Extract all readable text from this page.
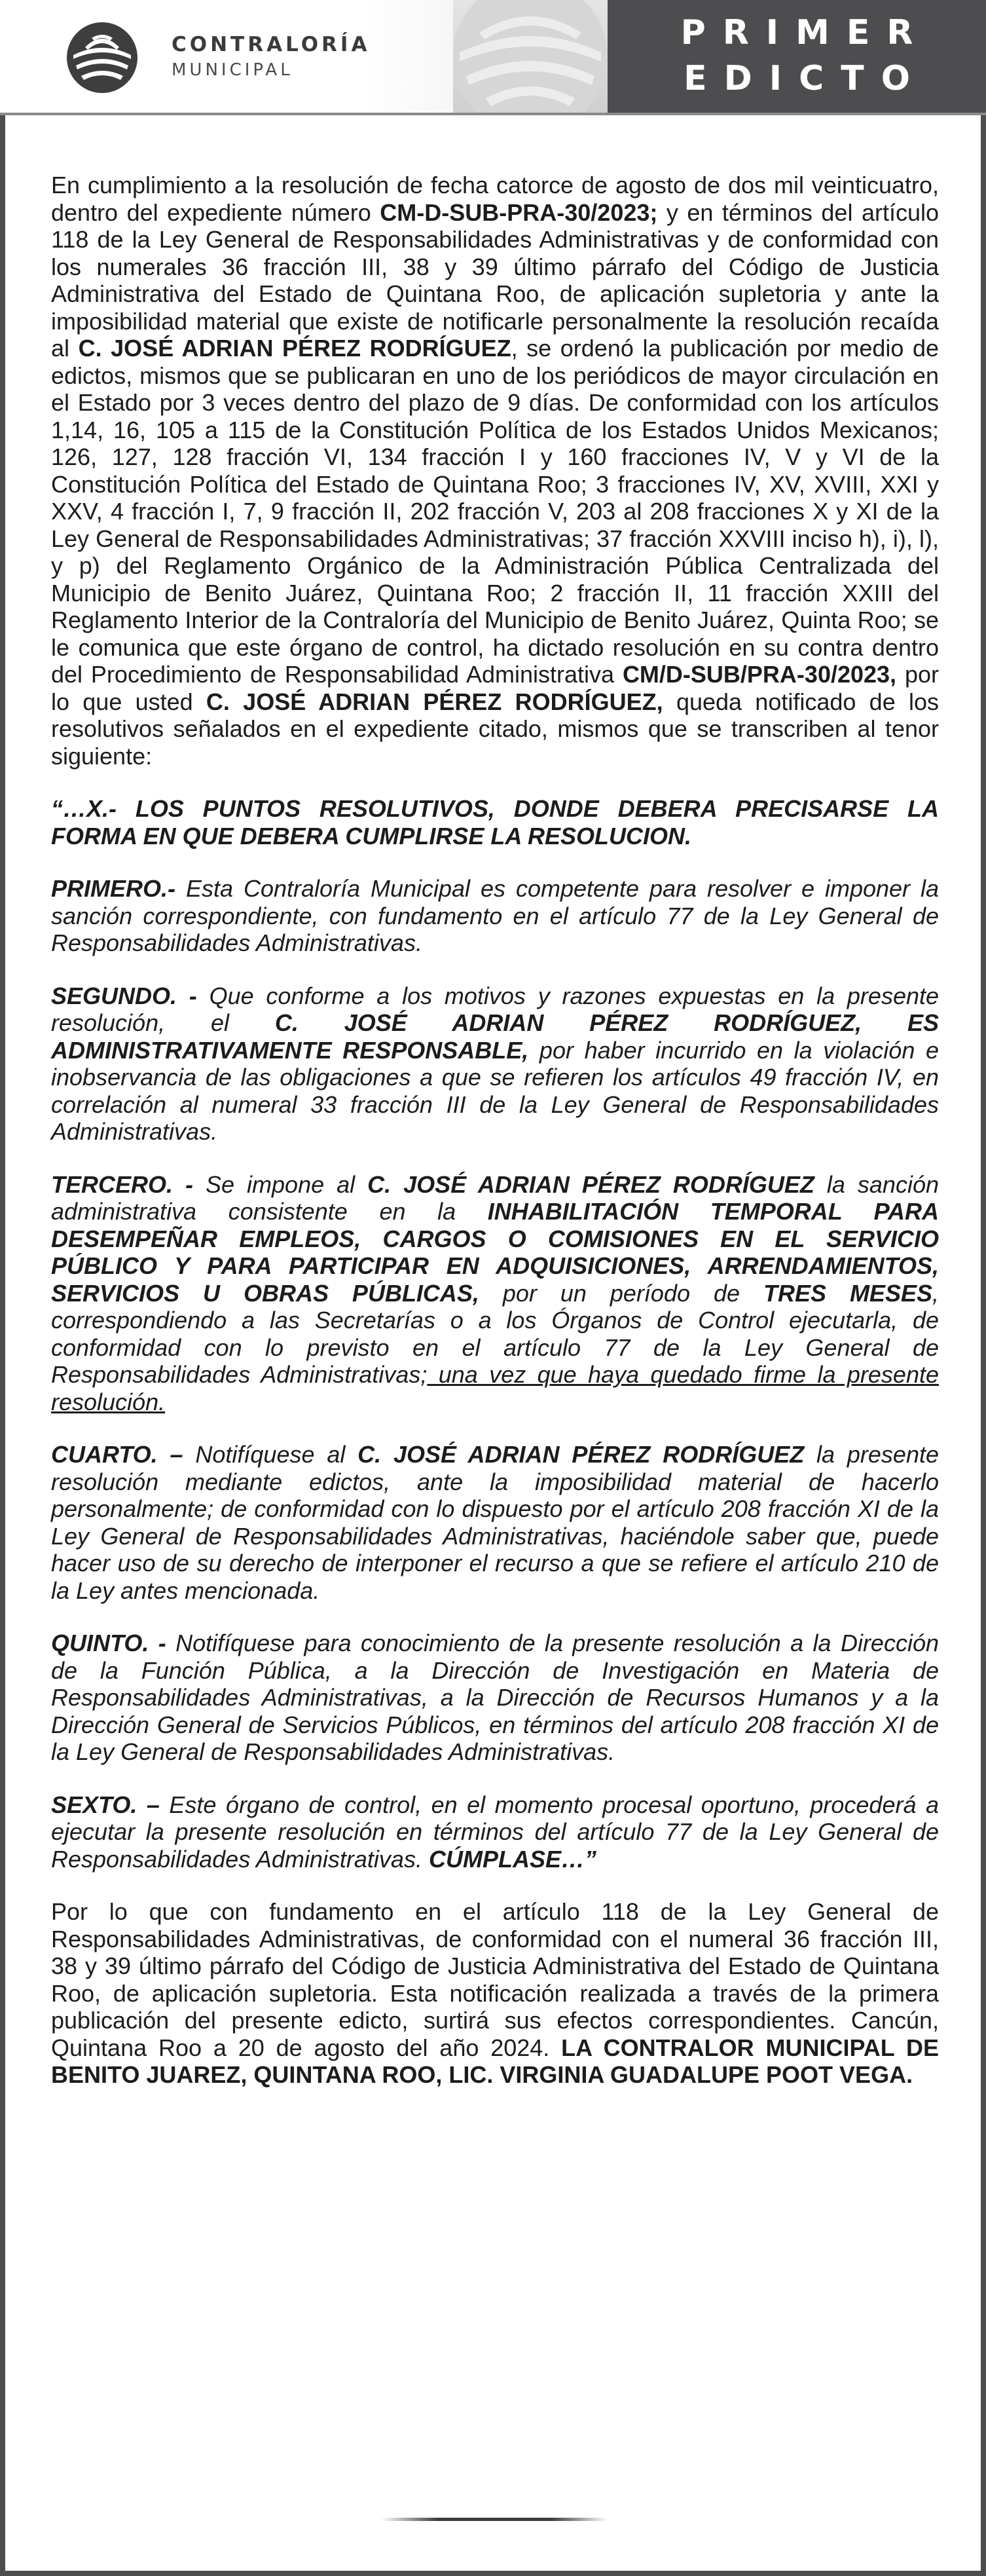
CONTRALORÍA
MUNICIPAL
PRIMER
EDICTO

En cumplimiento a la resolución de fecha catorce de agosto de dos mil veinticuatro, dentro del expediente número CM-D-SUB-PRA-30/2023; y en términos del artículo 118 de la Ley General de Responsabilidades Administrativas y de conformidad con los numerales 36 fracción III, 38 y 39 último párrafo del Código de Justicia Administrativa del Estado de Quintana Roo, de aplicación supletoria y ante la imposibilidad material que existe de notificarle personalmente la resolución recaída al C. JOSÉ ADRIAN PÉREZ RODRÍGUEZ, se ordenó la publicación por medio de edictos, mismos que se publicaran en uno de los periódicos de mayor circulación en el Estado por 3 veces dentro del plazo de 9 días. De conformidad con los artículos 1,14, 16, 105 a 115 de la Constitución Política de los Estados Unidos Mexicanos; 126, 127, 128 fracción VI, 134 fracción I y 160 fracciones IV, V y VI de la Constitución Política del Estado de Quintana Roo; 3 fracciones IV, XV, XVIII, XXI y XXV, 4 fracción I, 7, 9 fracción II, 202 fracción V, 203 al 208 fracciones X y XI de la Ley General de Responsabilidades Administrativas; 37 fracción XXVIII inciso h), i), l), y p) del Reglamento Orgánico de la Administración Pública Centralizada del Municipio de Benito Juárez, Quintana Roo; 2 fracción II, 11 fracción XXIII del Reglamento Interior de la Contraloría del Municipio de Benito Juárez, Quinta Roo; se le comunica que este órgano de control, ha dictado resolución en su contra dentro del Procedimiento de Responsabilidad Administrativa CM/D-SUB/PRA-30/2023, por lo que usted C. JOSÉ ADRIAN PÉREZ RODRÍGUEZ, queda notificado de los resolutivos señalados en el expediente citado, mismos que se transcriben al tenor siguiente:

“…X.- LOS PUNTOS RESOLUTIVOS, DONDE DEBERA PRECISARSE LA FORMA EN QUE DEBERA CUMPLIRSE LA RESOLUCION.

PRIMERO.- Esta Contraloría Municipal es competente para resolver e imponer la sanción correspondiente, con fundamento en el artículo 77 de la Ley General de Responsabilidades Administrativas.

SEGUNDO. - Que conforme a los motivos y razones expuestas en la presente resolución, el C. JOSÉ ADRIAN PÉREZ RODRÍGUEZ, ES ADMINISTRATIVAMENTE RESPONSABLE, por haber incurrido en la violación e inobservancia de las obligaciones a que se refieren los artículos 49 fracción IV, en correlación al numeral 33 fracción III de la Ley General de Responsabilidades Administrativas.

TERCERO. - Se impone al C. JOSÉ ADRIAN PÉREZ RODRÍGUEZ la sanción administrativa consistente en la INHABILITACIÓN TEMPORAL PARA DESEMPEÑAR EMPLEOS, CARGOS O COMISIONES EN EL SERVICIO PÚBLICO Y PARA PARTICIPAR EN ADQUISICIONES, ARRENDAMIENTOS, SERVICIOS U OBRAS PÚBLICAS, por un período de TRES MESES, correspondiendo a las Secretarías o a los Órganos de Control ejecutarla, de conformidad con lo previsto en el artículo 77 de la Ley General de Responsabilidades Administrativas; una vez que haya quedado firme la presente resolución.

CUARTO. – Notifíquese al C. JOSÉ ADRIAN PÉREZ RODRÍGUEZ la presente resolución mediante edictos, ante la imposibilidad material de hacerlo personalmente; de conformidad con lo dispuesto por el artículo 208 fracción XI de la Ley General de Responsabilidades Administrativas, haciéndole saber que, puede hacer uso de su derecho de interponer el recurso a que se refiere el artículo 210 de la Ley antes mencionada.

QUINTO. - Notifíquese para conocimiento de la presente resolución a la Dirección de la Función Pública, a la Dirección de Investigación en Materia de Responsabilidades Administrativas, a la Dirección de Recursos Humanos y a la Dirección General de Servicios Públicos, en términos del artículo 208 fracción XI de la Ley General de Responsabilidades Administrativas.

SEXTO. – Este órgano de control, en el momento procesal oportuno, procederá a ejecutar la presente resolución en términos del artículo 77 de la Ley General de Responsabilidades Administrativas. CÚMPLASE…”

Por lo que con fundamento en el artículo 118 de la Ley General de Responsabilidades Administrativas, de conformidad con el numeral 36 fracción III, 38 y 39 último párrafo del Código de Justicia Administrativa del Estado de Quintana Roo, de aplicación supletoria. Esta notificación realizada a través de la primera publicación del presente edicto, surtirá sus efectos correspondientes. Cancún, Quintana Roo a 20 de agosto del año 2024. LA CONTRALOR MUNICIPAL DE BENITO JUAREZ, QUINTANA ROO, LIC. VIRGINIA GUADALUPE POOT VEGA.
